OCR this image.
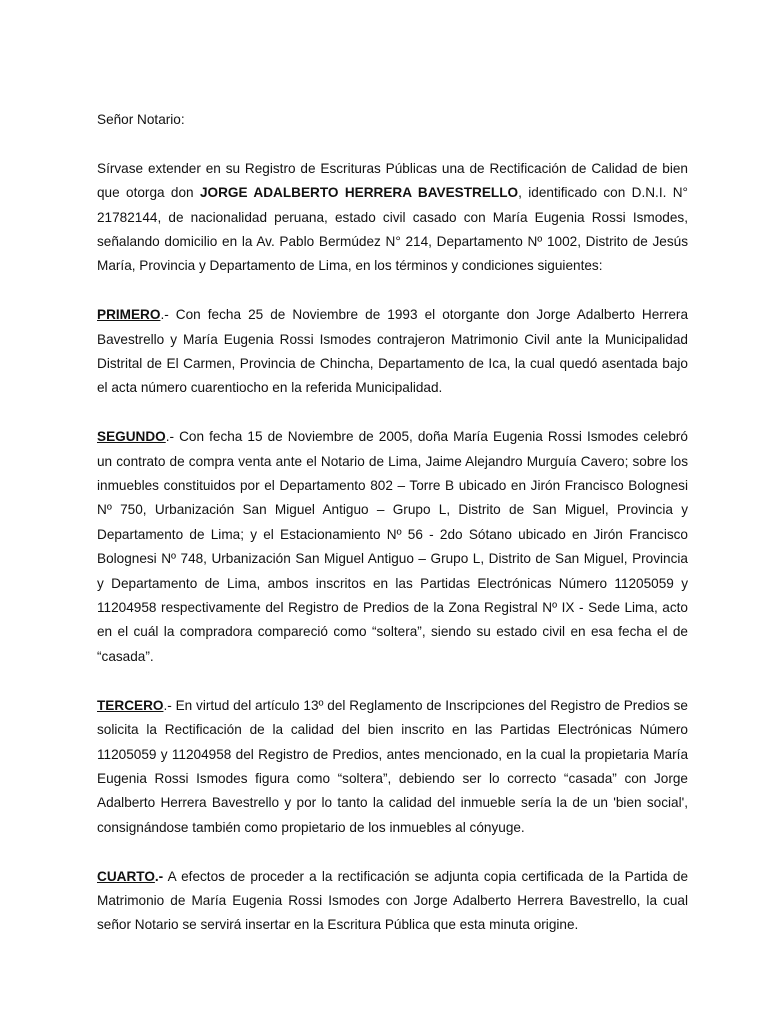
Señor Notario:

Sírvase extender en su Registro de Escrituras Públicas una de Rectificación de Calidad de bien que otorga don JORGE ADALBERTO HERRERA BAVESTRELLO, identificado con D.N.I. N° 21782144, de nacionalidad peruana, estado civil casado con María Eugenia Rossi Ismodes, señalando domicilio en la Av. Pablo Bermúdez N° 214, Departamento Nº 1002, Distrito de Jesús María, Provincia y Departamento de Lima, en los términos y condiciones siguientes:

PRIMERO.- Con fecha 25 de Noviembre de 1993 el otorgante don Jorge Adalberto Herrera Bavestrello y María Eugenia Rossi Ismodes contrajeron Matrimonio Civil ante la Municipalidad Distrital de El Carmen, Provincia de Chincha, Departamento de Ica, la cual quedó asentada bajo el acta número cuarentiocho en la referida Municipalidad.

SEGUNDO.- Con fecha 15 de Noviembre de 2005, doña María Eugenia Rossi Ismodes celebró un contrato de compra venta ante el Notario de Lima, Jaime Alejandro Murguía Cavero; sobre los inmuebles constituidos por el Departamento 802 – Torre B ubicado en Jirón Francisco Bolognesi Nº 750, Urbanización San Miguel Antiguo – Grupo L, Distrito de San Miguel, Provincia y Departamento de Lima; y el Estacionamiento Nº 56 - 2do Sótano ubicado en Jirón Francisco Bolognesi Nº 748, Urbanización San Miguel Antiguo – Grupo L, Distrito de San Miguel, Provincia y Departamento de Lima, ambos inscritos en las Partidas Electrónicas Número 11205059 y 11204958 respectivamente del Registro de Predios de la Zona Registral Nº IX - Sede Lima, acto en el cuál la compradora compareció como “soltera”, siendo su estado civil en esa fecha el de “casada”.

TERCERO.- En virtud del artículo 13º del Reglamento de Inscripciones del Registro de Predios se solicita la Rectificación de la calidad del bien inscrito en las Partidas Electrónicas Número 11205059 y 11204958 del Registro de Predios, antes mencionado, en la cual la propietaria María Eugenia Rossi Ismodes figura como “soltera”, debiendo ser lo correcto “casada” con Jorge Adalberto Herrera Bavestrello y por lo tanto la calidad del inmueble sería la de un 'bien social', consignándose también como propietario de los inmuebles al cónyuge.

CUARTO.- A efectos de proceder a la rectificación se adjunta copia certificada de la Partida de Matrimonio de María Eugenia Rossi Ismodes con Jorge Adalberto Herrera Bavestrello, la cual señor Notario se servirá insertar en la Escritura Pública que esta minuta origine.
